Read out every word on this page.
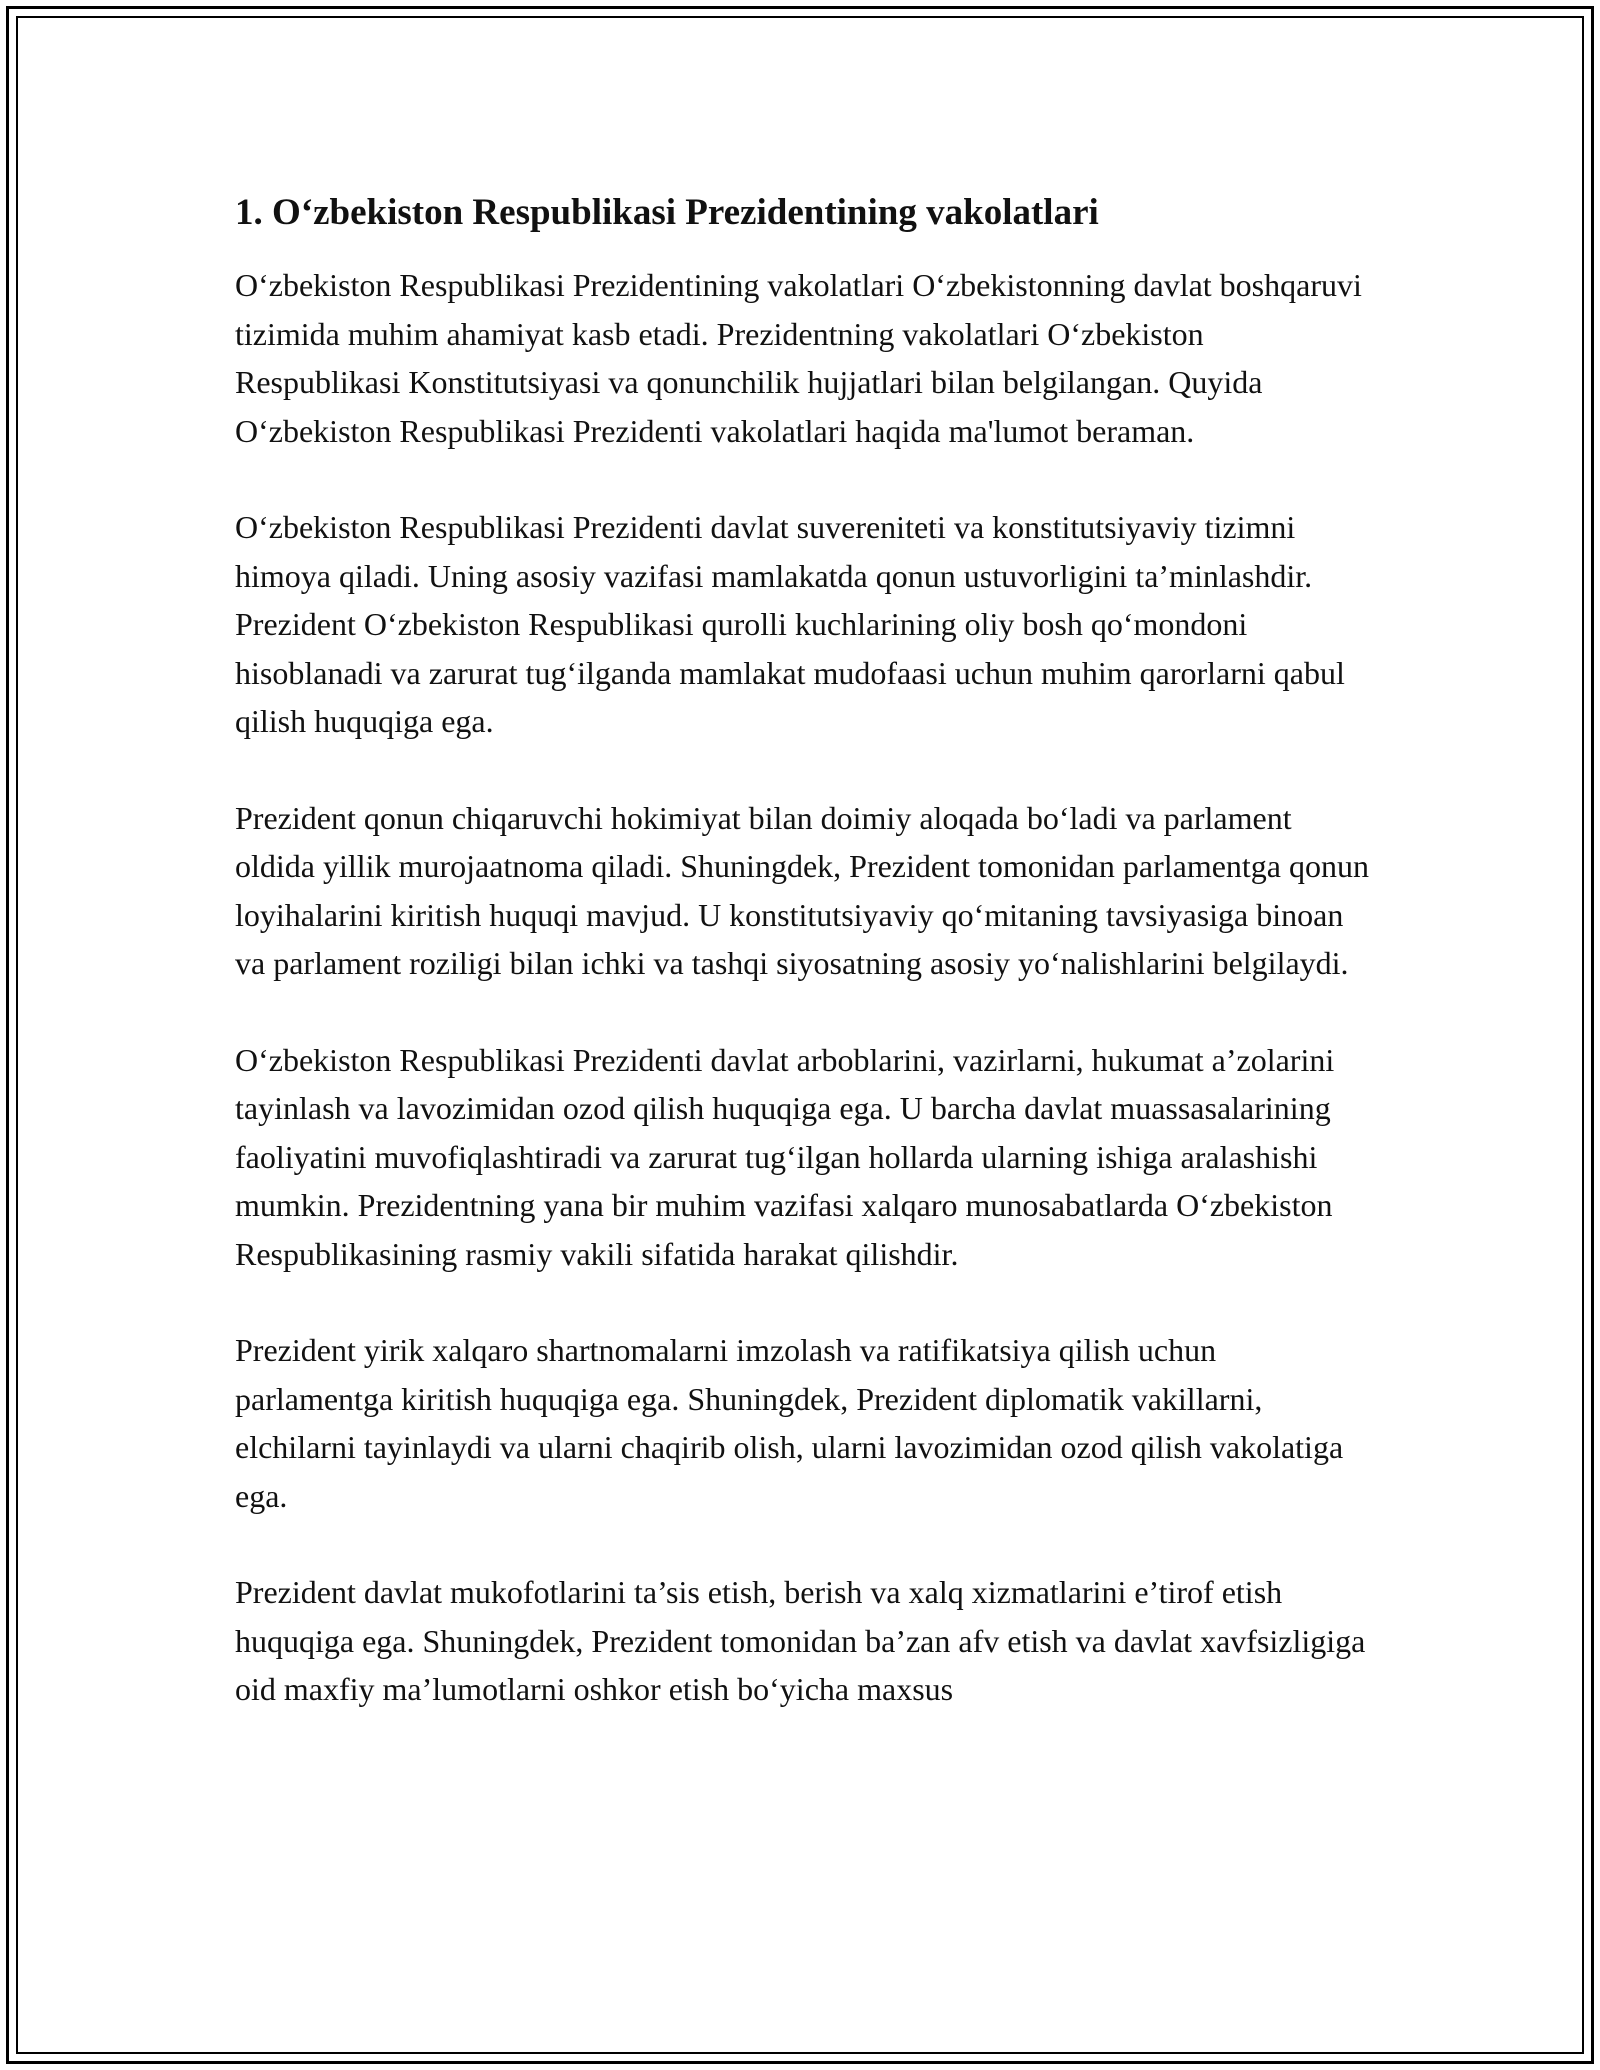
1. O‘zbekiston Respublikasi Prezidentining vakolatlari

O‘zbekiston Respublikasi Prezidentining vakolatlari O‘zbekistonning davlat boshqaruvi tizimida muhim ahamiyat kasb etadi. Prezidentning vakolatlari O‘zbekiston Respublikasi Konstitutsiyasi va qonunchilik hujjatlari bilan belgilangan. Quyida O‘zbekiston Respublikasi Prezidenti vakolatlari haqida ma'lumot beraman.

O‘zbekiston Respublikasi Prezidenti davlat suvereniteti va konstitutsiyaviy tizimni himoya qiladi. Uning asosiy vazifasi mamlakatda qonun ustuvorligini ta’minlashdir. Prezident O‘zbekiston Respublikasi qurolli kuchlarining oliy bosh qo‘mondoni hisoblanadi va zarurat tug‘ilganda mamlakat mudofaasi uchun muhim qarorlarni qabul qilish huquqiga ega.

Prezident qonun chiqaruvchi hokimiyat bilan doimiy aloqada bo‘ladi va parlament oldida yillik murojaatnoma qiladi. Shuningdek, Prezident tomonidan parlamentga qonun loyihalarini kiritish huquqi mavjud. U konstitutsiyaviy qo‘mitaning tavsiyasiga binoan va parlament roziligi bilan ichki va tashqi siyosatning asosiy yo‘nalishlarini belgilaydi.

O‘zbekiston Respublikasi Prezidenti davlat arboblarini, vazirlarni, hukumat a’zolarini tayinlash va lavozimidan ozod qilish huquqiga ega. U barcha davlat muassasalarining faoliyatini muvofiqlashtiradi va zarurat tug‘ilgan hollarda ularning ishiga aralashishi mumkin. Prezidentning yana bir muhim vazifasi xalqaro munosabatlarda O‘zbekiston Respublikasining rasmiy vakili sifatida harakat qilishdir.

Prezident yirik xalqaro shartnomalarni imzolash va ratifikatsiya qilish uchun parlamentga kiritish huquqiga ega. Shuningdek, Prezident diplomatik vakillarni, elchilarni tayinlaydi va ularni chaqirib olish, ularni lavozimidan ozod qilish vakolatiga ega.

Prezident davlat mukofotlarini ta’sis etish, berish va xalq xizmatlarini e’tirof etish huquqiga ega. Shuningdek, Prezident tomonidan ba’zan afv etish va davlat xavfsizligiga oid maxfiy ma’lumotlarni oshkor etish bo‘yicha maxsus
